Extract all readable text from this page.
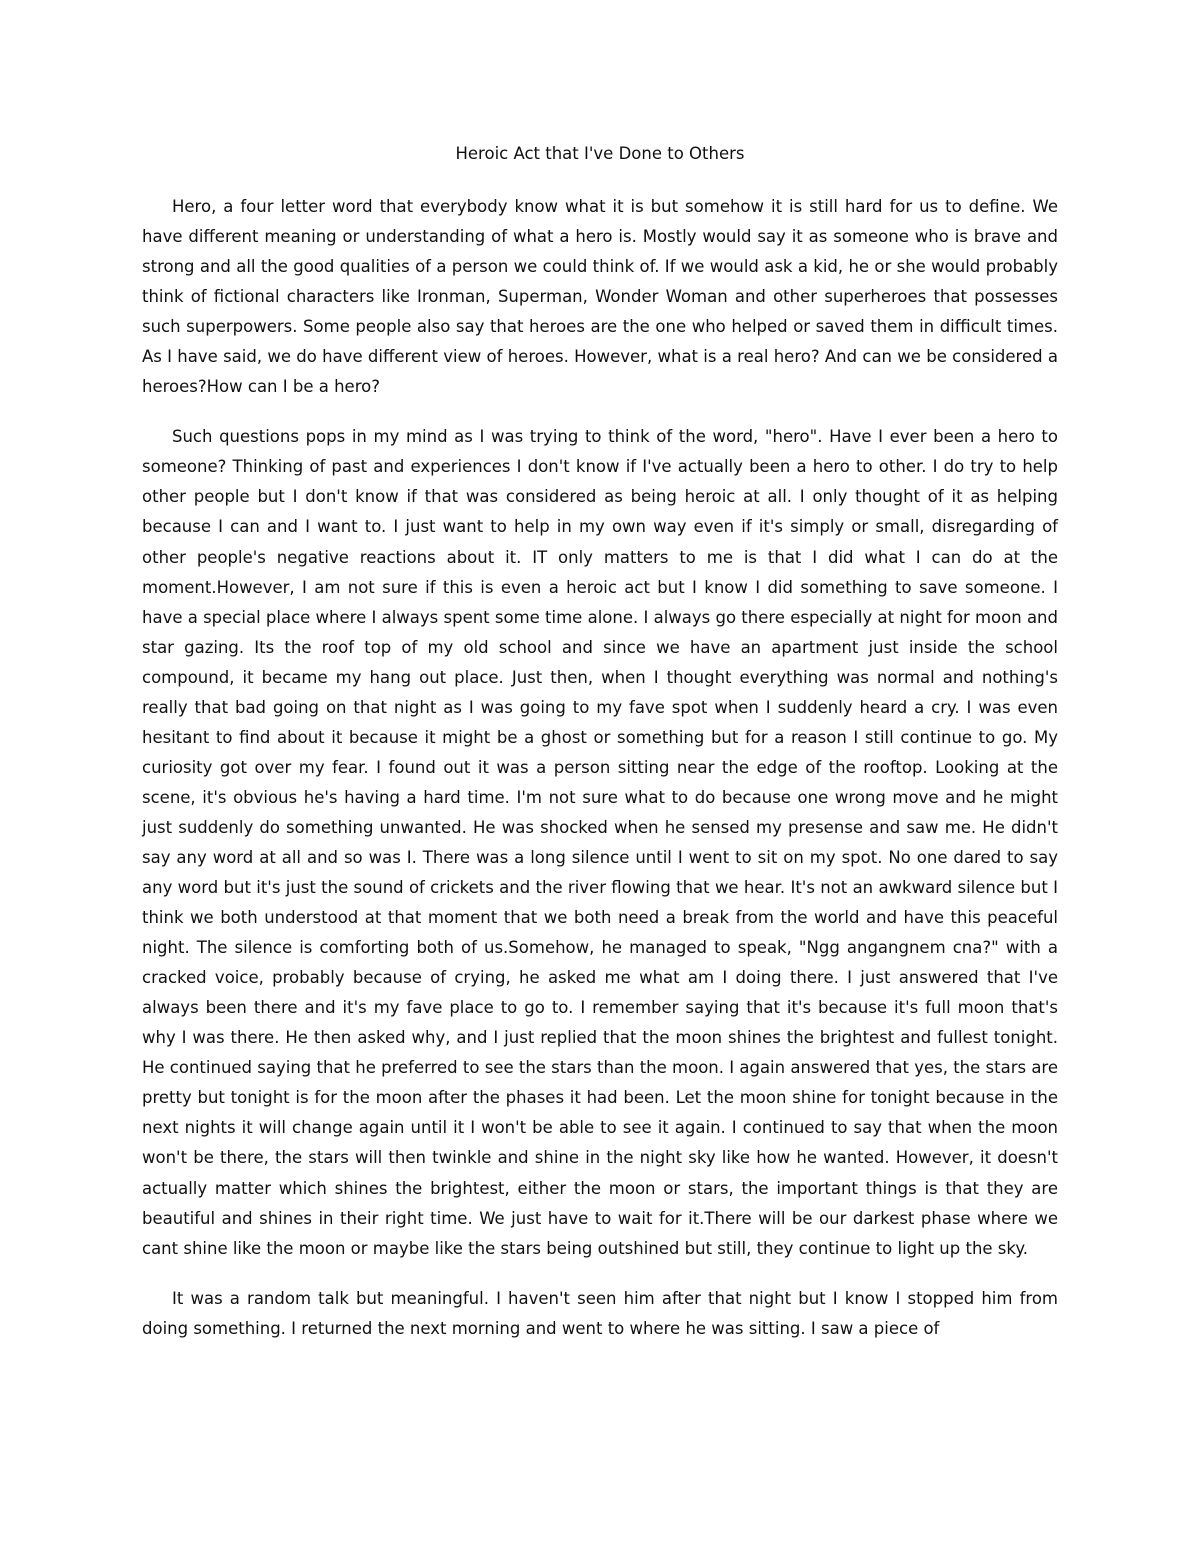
Heroic Act that I've Done to Others

Hero, a four letter word that everybody know what it is but somehow it is still hard for us to define. We have different meaning or understanding of what a hero is. Mostly would say it as someone who is brave and strong and all the good qualities of a person we could think of. If we would ask a kid, he or she would probably think of fictional characters like Ironman, Superman, Wonder Woman and other superheroes that possesses such superpowers. Some people also say that heroes are the one who helped or saved them in difficult times. As I have said, we do have different view of heroes. However, what is a real hero? And can we be considered a heroes?How can I be a hero?

Such questions pops in my mind as I was trying to think of the word, "hero". Have I ever been a hero to someone? Thinking of past and experiences I don't know if I've actually been a hero to other. I do try to help other people but I don't know if that was considered as being heroic at all. I only thought of it as helping because I can and I want to. I just want to help in my own way even if it's simply or small, disregarding of other people's negative reactions about it. IT only matters to me is that I did what I can do at the moment.However, I am not sure if this is even a heroic act but I know I did something to save someone. I have a special place where I always spent some time alone. I always go there especially at night for moon and star gazing. Its the roof top of my old school and since we have an apartment just inside the school compound, it became my hang out place. Just then, when I thought everything was normal and nothing's really that bad going on that night as I was going to my fave spot when I suddenly heard a cry. I was even hesitant to find about it because it might be a ghost or something but for a reason I still continue to go. My curiosity got over my fear. I found out it was a person sitting near the edge of the rooftop. Looking at the scene, it's obvious he's having a hard time. I'm not sure what to do because one wrong move and he might just suddenly do something unwanted. He was shocked when he sensed my presense and saw me. He didn't say any word at all and so was I. There was a long silence until I went to sit on my spot. No one dared to say any word but it's just the sound of crickets and the river flowing that we hear. It's not an awkward silence but I think we both understood at that moment that we both need a break from the world and have this peaceful night. The silence is comforting both of us.Somehow, he managed to speak, "Ngg angangnem cna?" with a cracked voice, probably because of crying, he asked me what am I doing there. I just answered that I've always been there and it's my fave place to go to. I remember saying that it's because it's full moon that's why I was there. He then asked why, and I just replied that the moon shines the brightest and fullest tonight. He continued saying that he preferred to see the stars than the moon. I again answered that yes, the stars are pretty but tonight is for the moon after the phases it had been. Let the moon shine for tonight because in the next nights it will change again until it I won't be able to see it again. I continued to say that when the moon won't be there, the stars will then twinkle and shine in the night sky like how he wanted. However, it doesn't actually matter which shines the brightest, either the moon or stars, the important things is that they are beautiful and shines in their right time. We just have to wait for it.There will be our darkest phase where we cant shine like the moon or maybe like the stars being outshined but still, they continue to light up the sky.

It was a random talk but meaningful. I haven't seen him after that night but I know I stopped him from doing something. I returned the next morning and went to where he was sitting. I saw a piece of
